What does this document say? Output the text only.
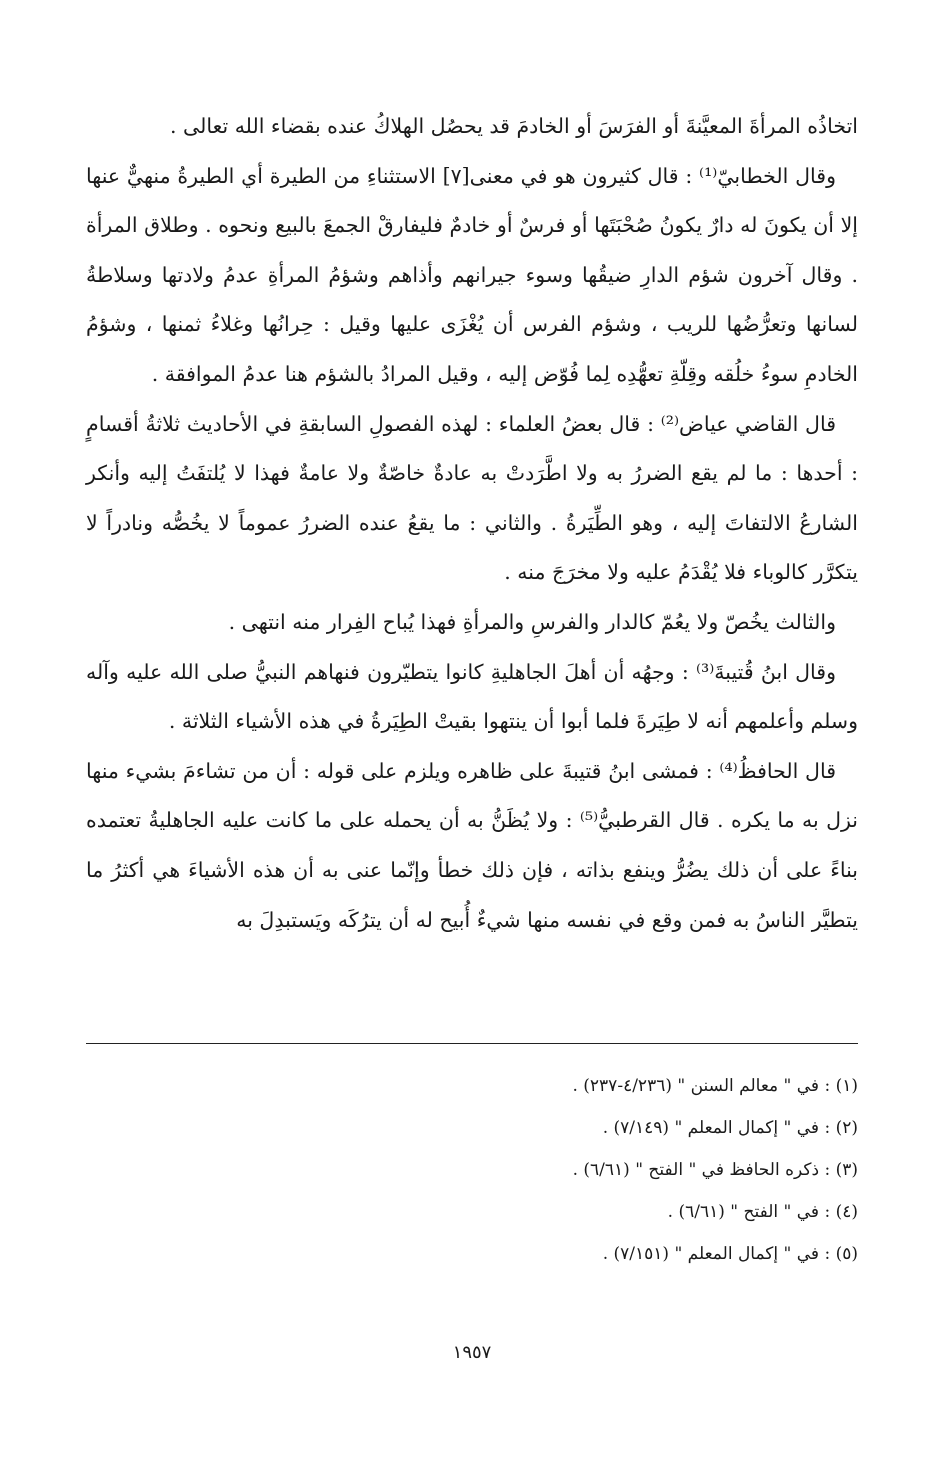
اتخاذُه المرأةَ المعيَّنةَ أو الفرَسَ أو الخادمَ قد يحصُل الهلاكُ عنده بقضاء الله تعالى .

وقال الخطابيّ⁽¹⁾ : قال كثيرون هو في معنى[٧] الاستثناءِ من الطيرة أي الطيرةُ منهيٌّ عنها إلا أن يكونَ له دارٌ يكونُ صُحْبَتَها أو فرسٌ أو خادمٌ فليفارقْ الجمعَ بالبيع ونحوه . وطلاق المرأة . وقال آخرون شؤم الدارِ ضيقُها وسوء جيرانهم وأذاهم وشؤمُ المرأةِ عدمُ ولادتها وسلاطةُ لسانها وتعرُّضُها للريب ، وشؤم الفرس أن يُغْزَى عليها وقيل : حِرانُها وغلاءُ ثمنها ، وشؤمُ الخادمِ سوءُ خلُقه وقِلّةِ تعهُّدِه لِما فُوّض إليه ، وقيل المرادُ بالشؤم هنا عدمُ الموافقة .

قال القاضي عياض⁽²⁾ : قال بعضُ العلماء : لهذه الفصولِ السابقةِ في الأحاديث ثلاثةُ أقسامٍ : أحدها : ما لم يقع الضررُ به ولا اطَّرَدتْ به عادةٌ خاصّةٌ ولا عامةٌ فهذا لا يُلتفَتُ إليه وأنكر الشارعُ الالتفاتَ إليه ، وهو الطِّيَرةُ . والثاني : ما يقعُ عنده الضررُ عموماً لا يخُصُّه ونادراً لا يتكرَّر كالوباء فلا يُقْدَمُ عليه ولا مخرَجَ منه .

والثالث يخُصّ ولا يعُمّ كالدار والفرسِ والمرأةِ فهذا يُباح الفِرار منه انتهى .

وقال ابنُ قُتيبةَ⁽³⁾ : وجهُه أن أهلَ الجاهليةِ كانوا يتطيّرون فنهاهم النبيُّ صلى الله عليه وآله وسلم وأعلمهم أنه لا طِيَرةَ فلما أبوا أن ينتهوا بقيتْ الطِيَرةُ في هذه الأشياء الثلاثة .

قال الحافظُ⁽⁴⁾ : فمشى ابنُ قتيبةَ على ظاهره ويلزم على قوله : أن من تشاءمَ بشيء منها نزل به ما يكره . قال القرطبيُّ⁽⁵⁾ : ولا يُظَنُّ به أن يحمله على ما كانت عليه الجاهليةُ تعتمده بناءً على أن ذلك يضُرُّ وينفع بذاته ، فإن ذلك خطأ وإنّما عنى به أن هذه الأشياءَ هي أكثرُ ما يتطيَّر الناسُ به فمن وقع في نفسه منها شيءٌ أُبيح له أن يترُكَه ويَستبدِلَ به

(١) : في " معالم السنن " (٤/٢٣٦-٢٣٧) .
(٢) : في " إكمال المعلم " (٧/١٤٩) .
(٣) : ذكره الحافظ في " الفتح " (٦/٦١) .
(٤) : في " الفتح " (٦/٦١) .
(٥) : في " إكمال المعلم " (٧/١٥١) .
١٩٥٧
